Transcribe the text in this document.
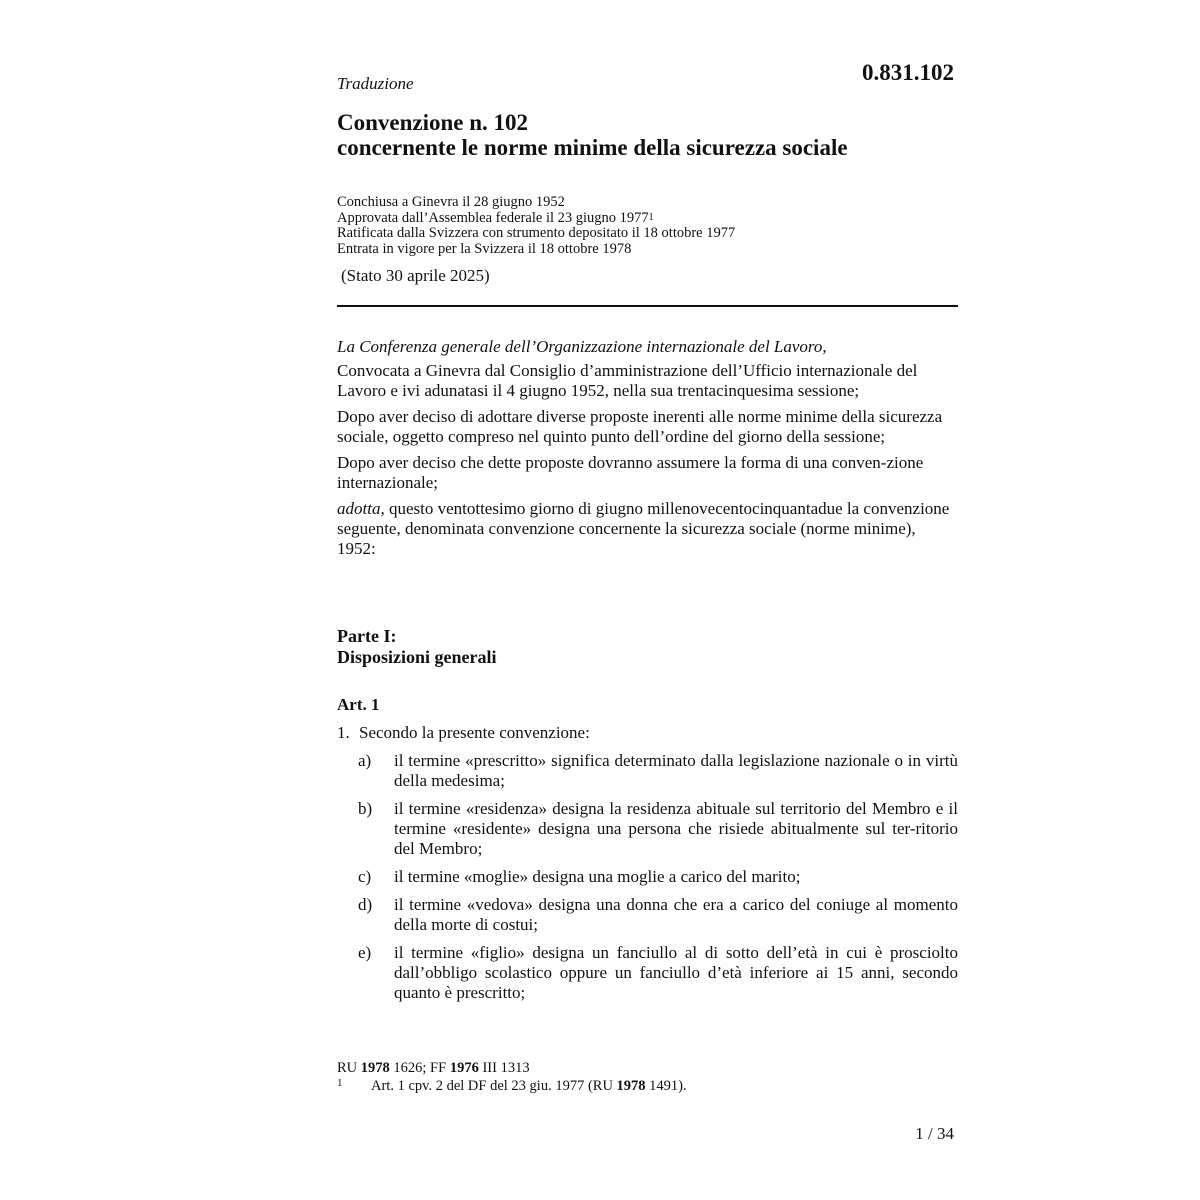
Traduzione	0.831.102
Convenzione n. 102
concernente le norme minime della sicurezza sociale
Conchiusa a Ginevra il 28 giugno 1952
Approvata dall’Assemblea federale il 23 giugno 1977$^1$
Ratificata dalla Svizzera con strumento depositato il 18 ottobre 1977
Entrata in vigore per la Svizzera il 18 ottobre 1978
(Stato 30 aprile 2025)

La Conferenza generale dell’Organizzazione internazionale del Lavoro,

Convocata a Ginevra dal Consiglio d’amministrazione dell’Ufficio internazionale del Lavoro e ivi adunatasi il 4 giugno 1952, nella sua trentacinquesima sessione;

Dopo aver deciso di adottare diverse proposte inerenti alle norme minime della sicurezza sociale, oggetto compreso nel quinto punto dell’ordine del giorno della sessione;

Dopo aver deciso che dette proposte dovranno assumere la forma di una conven-zione internazionale;

adotta, questo ventottesimo giorno di giugno millenovecentocinquantadue la convenzione seguente, denominata convenzione concernente la sicurezza sociale (norme minime), 1952:

Parte I:
Disposizioni generali
Art. 1
1. Secondo la presente convenzione:
a)	il termine «prescritto» significa determinato dalla legislazione nazionale o in virtù della medesima;
b)	il termine «residenza» designa la residenza abituale sul territorio del Membro e il termine «residente» designa una persona che risiede abitualmente sul ter-ritorio del Membro;
c)	il termine «moglie» designa una moglie a carico del marito;
d)	il termine «vedova» designa una donna che era a carico del coniuge al momento della morte di costui;
e)	il termine «figlio» designa un fanciullo al di sotto dell’età in cui è prosciolto dall’obbligo scolastico oppure un fanciullo d’età inferiore ai 15 anni, secondo quanto è prescritto;
RU 1978 1626; FF 1976 III 1313
1	Art. 1 cpv. 2 del DF del 23 giu. 1977 (RU 1978 1491).
1 / 34
